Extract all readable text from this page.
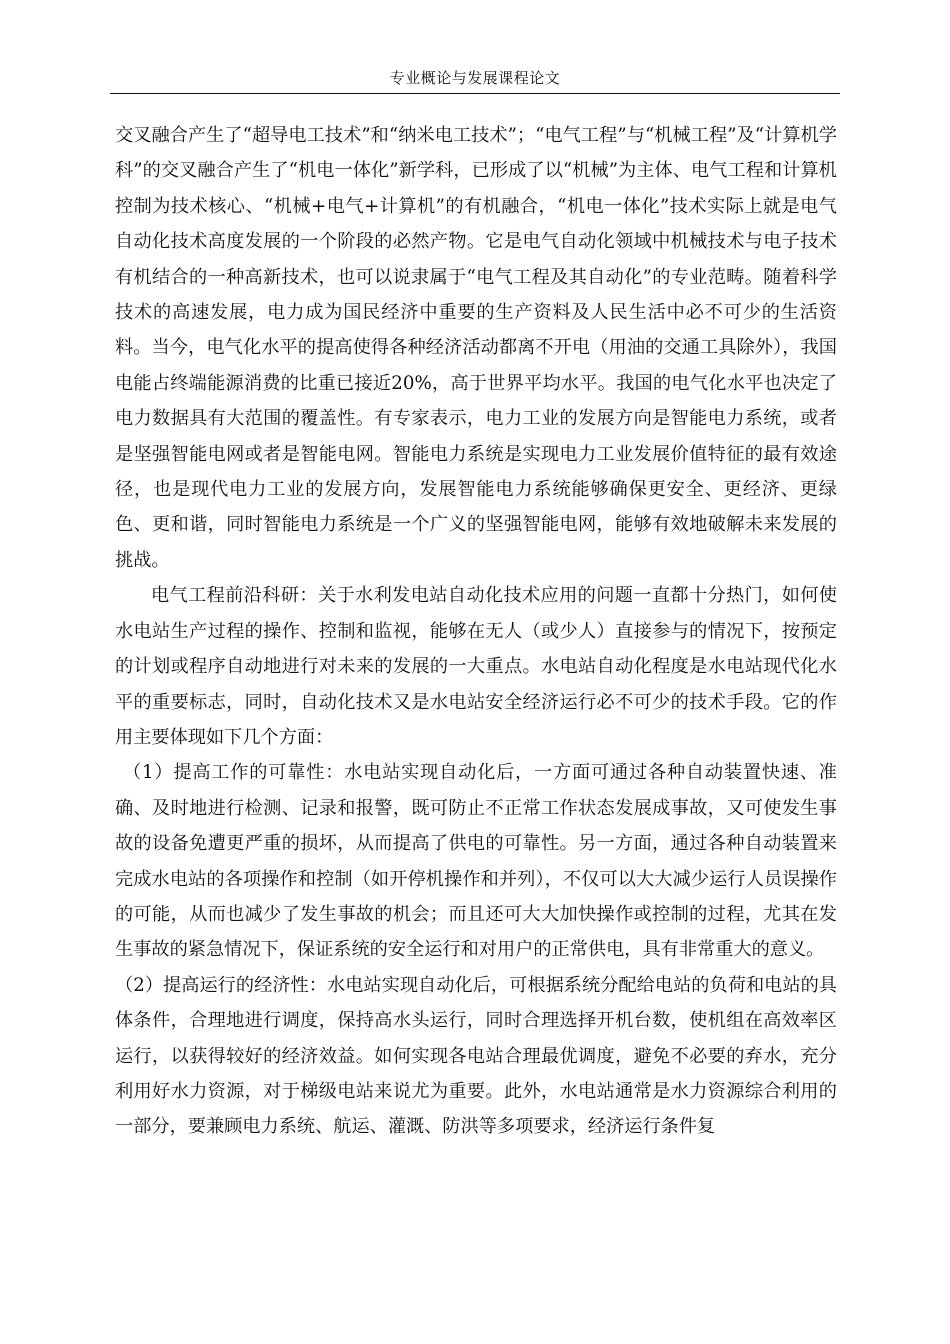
专业概论与发展课程论文

交叉融合产生了“超导电工技术”和“纳米电工技术”；“电气工程”与“机械工程”及“计算机学科”的交叉融合产生了“机电一体化”新学科，已形成了以“机械”为主体、电气工程和计算机控制为技术核心、“机械+电气+计算机”的有机融合，“机电一体化”技术实际上就是电气自动化技术高度发展的一个阶段的必然产物。它是电气自动化领域中机械技术与电子技术有机结合的一种高新技术，也可以说隶属于“电气工程及其自动化”的专业范畴。随着科学技术的高速发展，电力成为国民经济中重要的生产资料及人民生活中必不可少的生活资料。当今，电气化水平的提高使得各种经济活动都离不开电（用油的交通工具除外），我国电能占终端能源消费的比重已接近20%，高于世界平均水平。我国的电气化水平也决定了电力数据具有大范围的覆盖性。有专家表示，电力工业的发展方向是智能电力系统，或者是坚强智能电网或者是智能电网。智能电力系统是实现电力工业发展价值特征的最有效途径，也是现代电力工业的发展方向，发展智能电力系统能够确保更安全、更经济、更绿色、更和谐，同时智能电力系统是一个广义的坚强智能电网，能够有效地破解未来发展的挑战。

电气工程前沿科研：关于水利发电站自动化技术应用的问题一直都十分热门，如何使水电站生产过程的操作、控制和监视，能够在无人（或少人）直接参与的情况下，按预定的计划或程序自动地进行对未来的发展的一大重点。水电站自动化程度是水电站现代化水平的重要标志，同时，自动化技术又是水电站安全经济运行必不可少的技术手段。它的作用主要体现如下几个方面：

（1）提高工作的可靠性：水电站实现自动化后，一方面可通过各种自动装置快速、准确、及时地进行检测、记录和报警，既可防止不正常工作状态发展成事故，又可使发生事故的设备免遭更严重的损坏，从而提高了供电的可靠性。另一方面，通过各种自动装置来完成水电站的各项操作和控制（如开停机操作和并列），不仅可以大大减少运行人员误操作的可能，从而也减少了发生事故的机会；而且还可大大加快操作或控制的过程，尤其在发生事故的紧急情况下，保证系统的安全运行和对用户的正常供电，具有非常重大的意义。

（2）提高运行的经济性：水电站实现自动化后，可根据系统分配给电站的负荷和电站的具体条件，合理地进行调度，保持高水头运行，同时合理选择开机台数，使机组在高效率区运行，以获得较好的经济效益。如何实现各电站合理最优调度，避免不必要的弃水，充分利用好水力资源，对于梯级电站来说尤为重要。此外，水电站通常是水力资源综合利用的一部分，要兼顾电力系统、航运、灌溉、防洪等多项要求，经济运行条件复
